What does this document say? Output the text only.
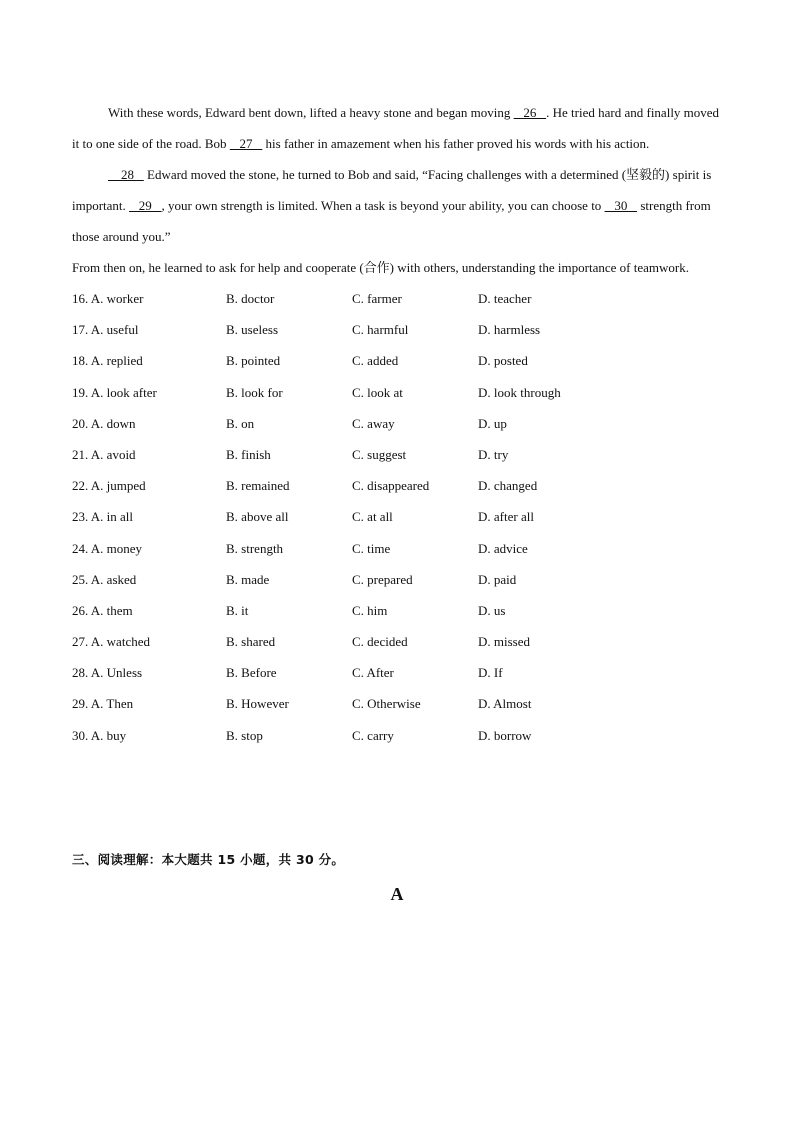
With these words, Edward bent down, lifted a heavy stone and began moving    26   . He tried hard and finally moved it to one side of the road. Bob    27    his father in amazement when his father proved his words with his action.

28    Edward moved the stone, he turned to Bob and said, “Facing challenges with a determined (坚毅的) spirit is important.    29   , your own strength is limited. When a task is beyond your ability, you can choose to    30    strength from those around you.”

From then on, he learned to ask for help and cooperate (合作) with others, understanding the importance of teamwork.

16. A. worker	B. doctor	C. farmer	D. teacher
17. A. useful	B. useless	C. harmful	D. harmless
18. A. replied	B. pointed	C. added	D. posted
19. A. look after	B. look for	C. look at	D. look through
20. A. down	B. on	C. away	D. up
21. A. avoid	B. finish	C. suggest	D. try
22. A. jumped	B. remained	C. disappeared	D. changed
23. A. in all	B. above all	C. at all	D. after all
24. A. money	B. strength	C. time	D. advice
25. A. asked	B. made	C. prepared	D. paid
26. A. them	B. it	C. him	D. us
27. A. watched	B. shared	C. decided	D. missed
28. A. Unless	B. Before	C. After	D. If
29. A. Then	B. However	C. Otherwise	D. Almost
30. A. buy	B. stop	C. carry	D. borrow
三、阅读理解：本大题共 15 小题，共 30 分。
A
